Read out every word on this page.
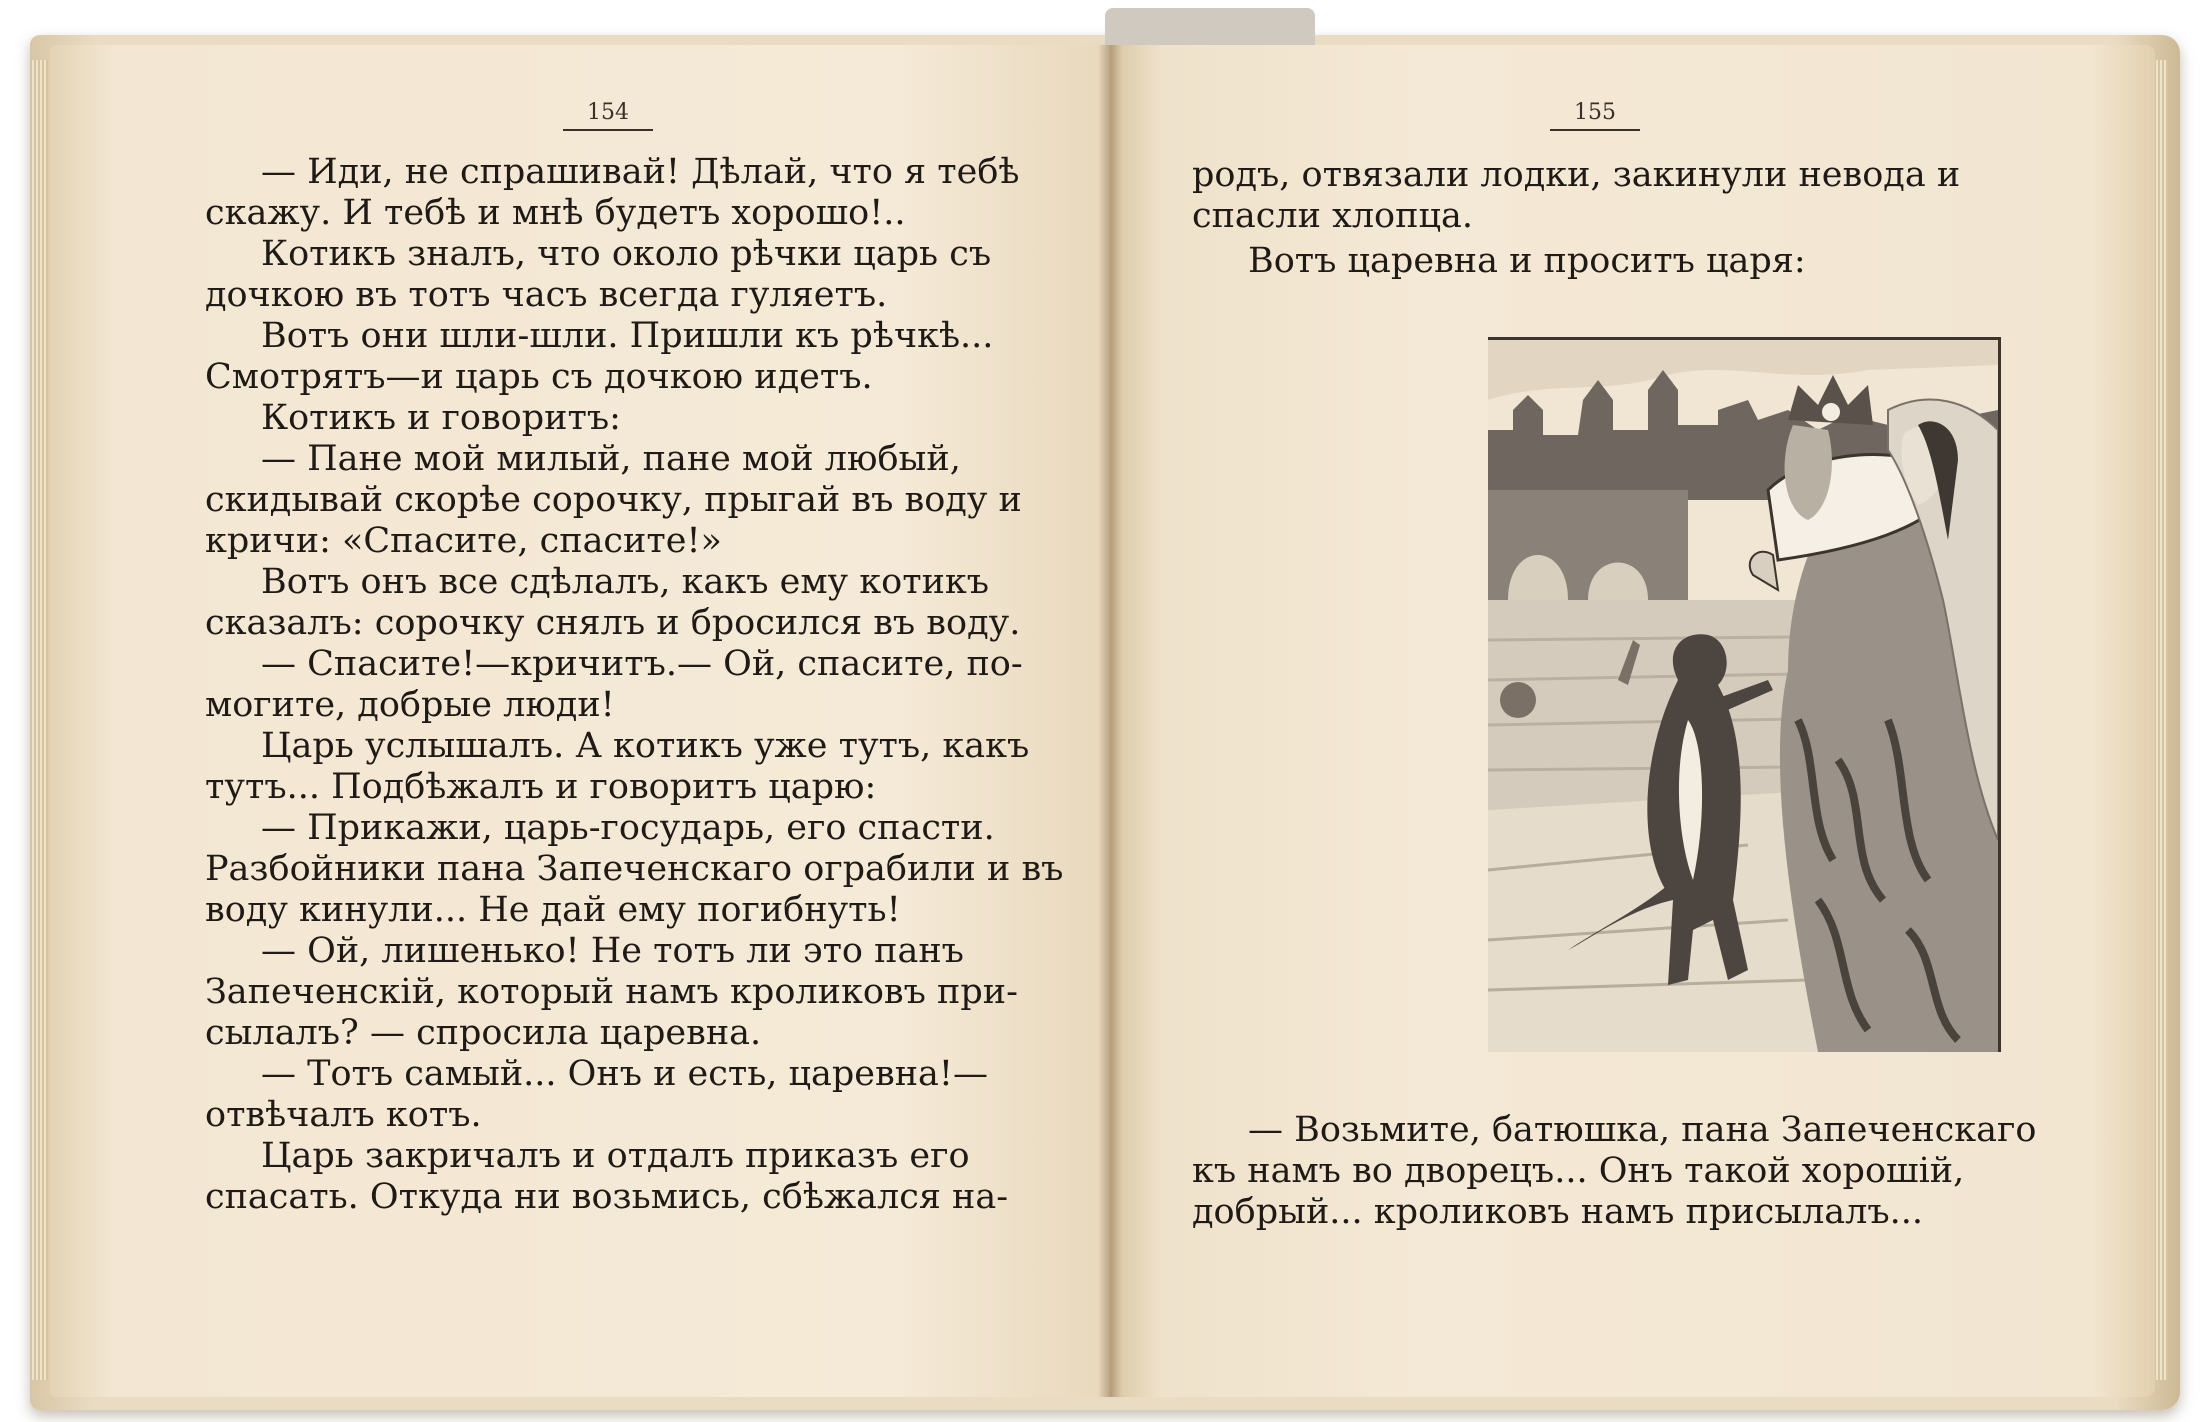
154

— Иди, не спрашивай! Дѣлай, что я тебѣ

скажу. И тебѣ и мнѣ будетъ хорошо!..

Котикъ зналъ, что около рѣчки царь съ

дочкою въ тотъ часъ всегда гуляетъ.

Вотъ они шли-шли. Пришли къ рѣчкѣ...

Смотрятъ—и царь съ дочкою идетъ.

Котикъ и говоритъ:

— Пане мой милый, пане мой любый,

скидывай скорѣе сорочку, прыгай въ воду и

кричи: «Спасите, спасите!»

Вотъ онъ все сдѣлалъ, какъ ему котикъ

сказалъ: сорочку снялъ и бросился въ воду.

— Спасите!—кричитъ.— Ой, спасите, по-

могите, добрые люди!

Царь услышалъ. А котикъ уже тутъ, какъ

тутъ... Подбѣжалъ и говоритъ царю:

— Прикажи, царь-государь, его спасти.

Разбойники пана Запеченскаго ограбили и въ

воду кинули... Не дай ему погибнуть!

— Ой, лишенько! Не тотъ ли это панъ

Запеченскій, который намъ кроликовъ при-

сылалъ? — спросила царевна.

— Тотъ самый... Онъ и есть, царевна!—

отвѣчалъ котъ.

Царь закричалъ и отдалъ приказъ его

спасать. Откуда ни возьмись, сбѣжался на-

155

родъ, отвязали лодки, закинули невода и

спасли хлопца.

Вотъ царевна и проситъ царя:

— Возьмите, батюшка, пана Запеченскаго

къ намъ во дворецъ... Онъ такой хорошій,

добрый... кроликовъ намъ присылалъ...
